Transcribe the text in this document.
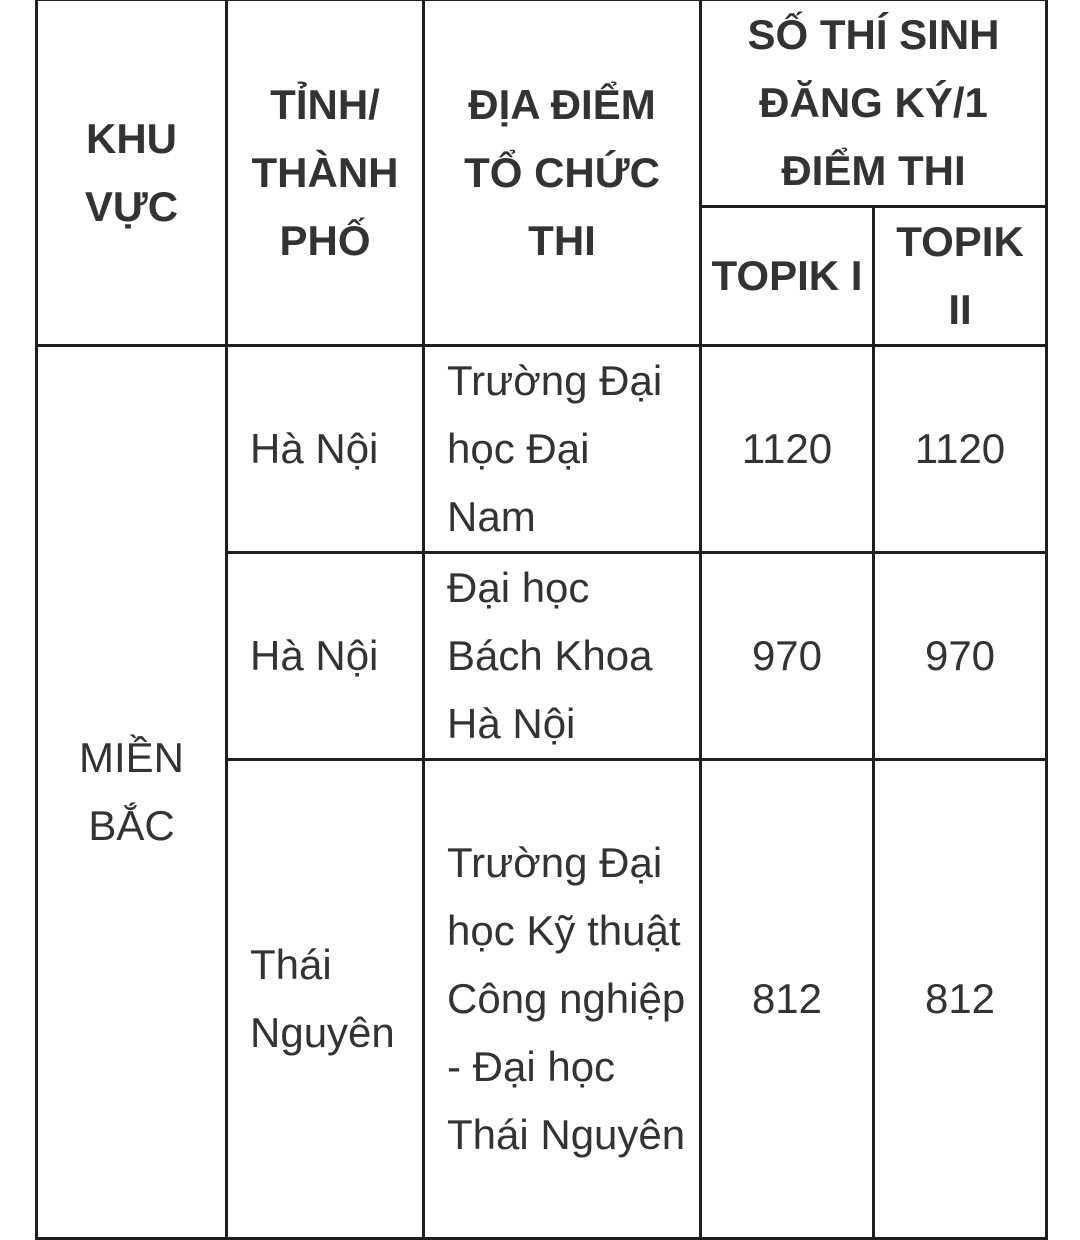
KHU VỰC	TỈNH/ THÀNH PHỐ	ĐỊA ĐIỂM TỔ CHỨC THI	SỐ THÍ SINH ĐĂNG KÝ/1 ĐIỂM THI	

			TOPIK I	TOPIK II

MIỀN BẮC	Hà Nội	Trường Đại học Đại Nam	1120	1120

	Hà Nội	Đại học Bách Khoa Hà Nội	970	970

	Thái Nguyên	Trường Đại học Kỹ thuật Công nghiệp - Đại học Thái Nguyên	812	812
